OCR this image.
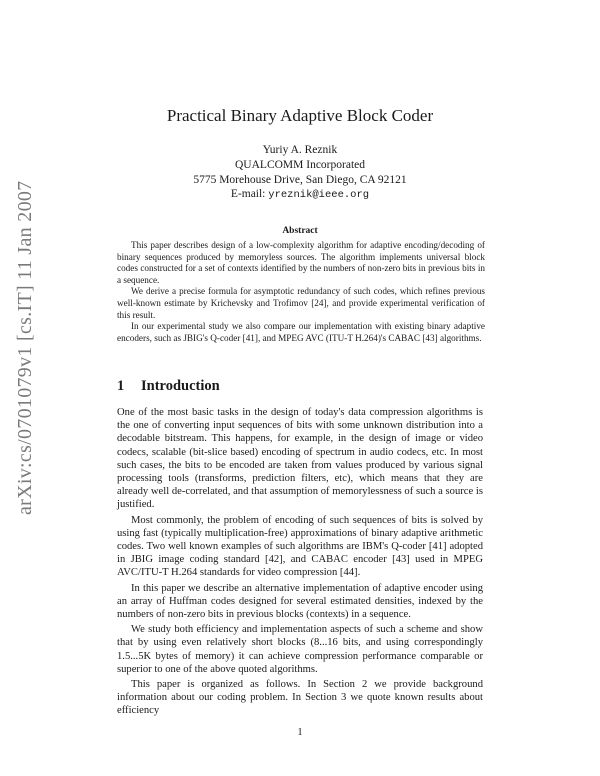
arXiv:cs/0701079v1 [cs.IT] 11 Jan 2007
Practical Binary Adaptive Block Coder
Yuriy A. Reznik
QUALCOMM Incorporated
5775 Morehouse Drive, San Diego, CA 92121
E-mail: yreznik@ieee.org
Abstract

This paper describes design of a low-complexity algorithm for adaptive encoding/decoding of binary sequences produced by memoryless sources. The algorithm implements universal block codes constructed for a set of contexts identified by the numbers of non-zero bits in previous bits in a sequence.

We derive a precise formula for asymptotic redundancy of such codes, which refines previous well-known estimate by Krichevsky and Trofimov [24], and provide experimental verification of this result.

In our experimental study we also compare our implementation with existing binary adaptive encoders, such as JBIG's Q-coder [41], and MPEG AVC (ITU-T H.264)'s CABAC [43] algorithms.

1 Introduction

One of the most basic tasks in the design of today's data compression algorithms is the one of converting input sequences of bits with some unknown distribution into a decodable bitstream. This happens, for example, in the design of image or video codecs, scalable (bit-slice based) encoding of spectrum in audio codecs, etc. In most such cases, the bits to be encoded are taken from values produced by various signal processing tools (transforms, prediction filters, etc), which means that they are already well de-correlated, and that assumption of memorylessness of such a source is justified.

Most commonly, the problem of encoding of such sequences of bits is solved by using fast (typically multiplication-free) approximations of binary adaptive arithmetic codes. Two well known examples of such algorithms are IBM's Q-coder [41] adopted in JBIG image coding standard [42], and CABAC encoder [43] used in MPEG AVC/ITU-T H.264 standards for video compression [44].

In this paper we describe an alternative implementation of adaptive encoder using an array of Huffman codes designed for several estimated densities, indexed by the numbers of non-zero bits in previous blocks (contexts) in a sequence.

We study both efficiency and implementation aspects of such a scheme and show that by using even relatively short blocks (8...16 bits, and using correspondingly 1.5...5K bytes of memory) it can achieve compression performance comparable or superior to one of the above quoted algorithms.

This paper is organized as follows. In Section 2 we provide background information about our coding problem. In Section 3 we quote known results about efficiency

1
